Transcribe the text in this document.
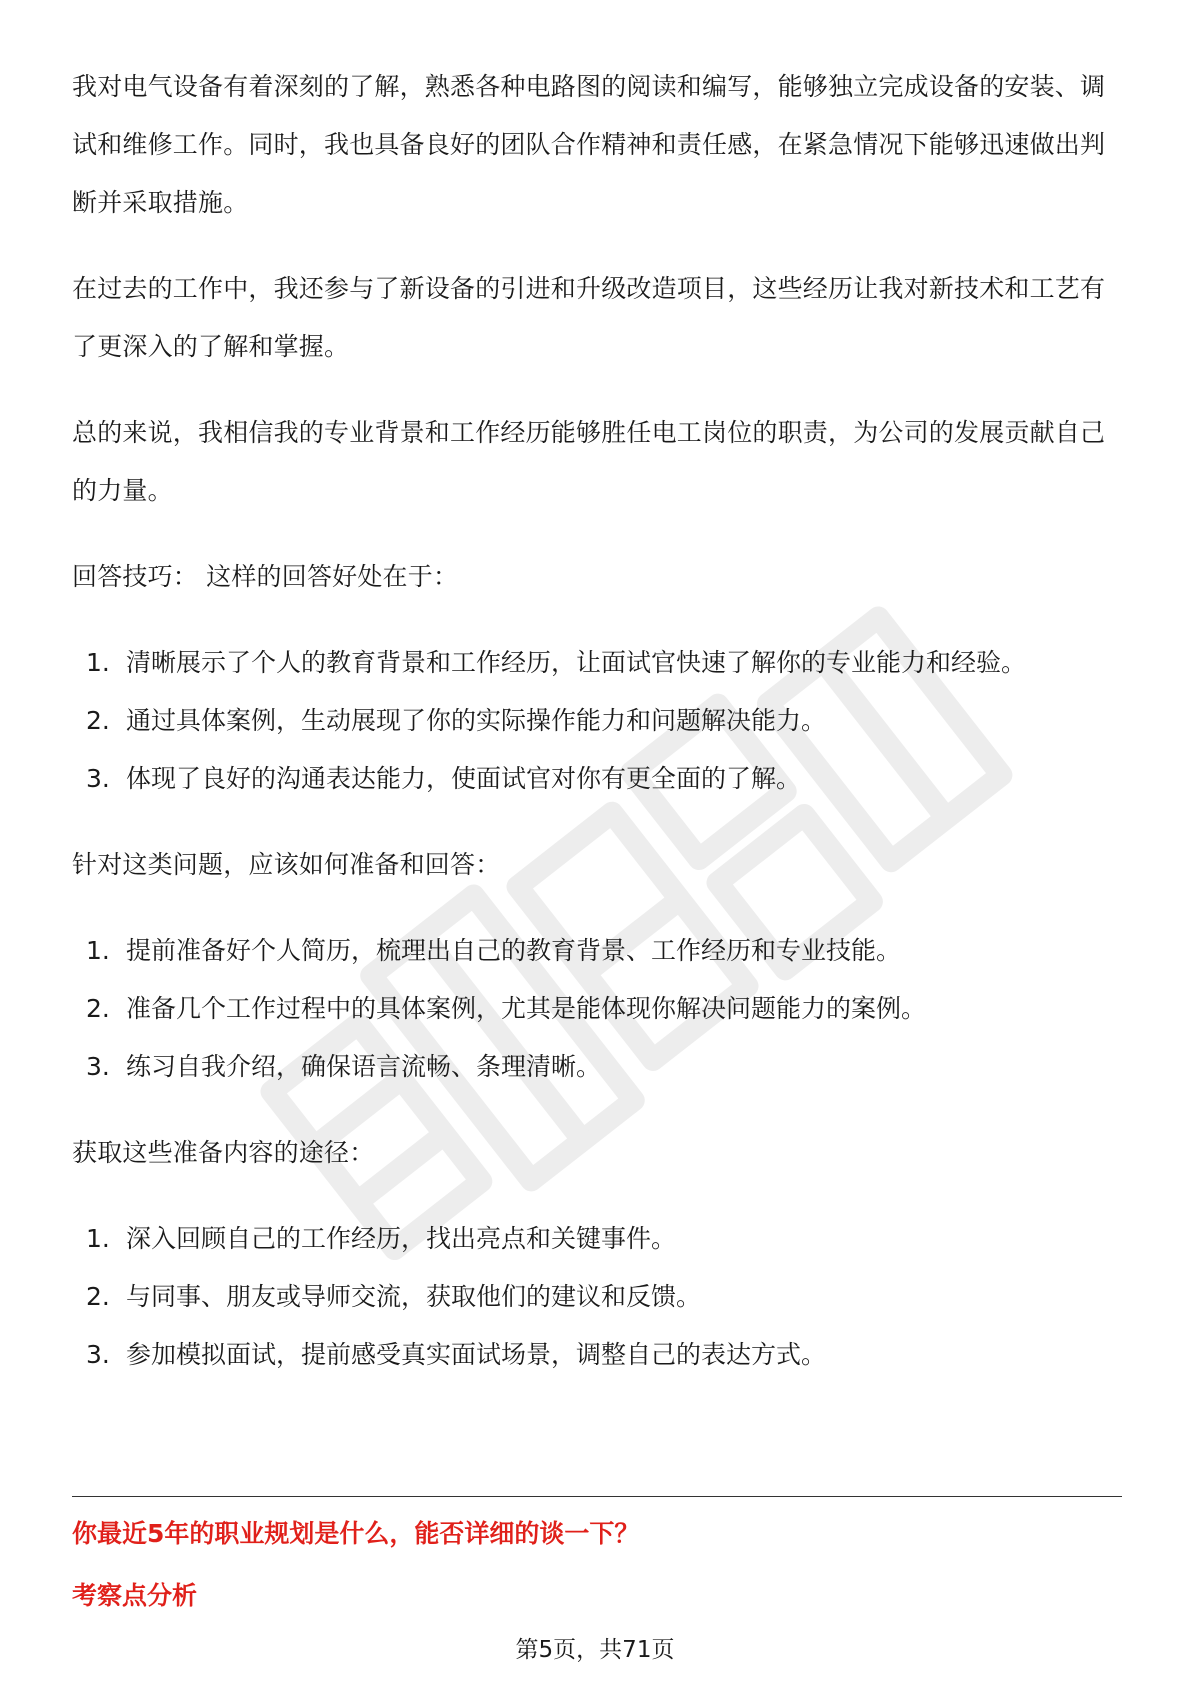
我对电气设备有着深刻的了解，熟悉各种电路图的阅读和编写，能够独立完成设备的安装、调试和维修工作。同时，我也具备良好的团队合作精神和责任感，在紧急情况下能够迅速做出判断并采取措施。

在过去的工作中，我还参与了新设备的引进和升级改造项目，这些经历让我对新技术和工艺有了更深入的了解和掌握。

总的来说，我相信我的专业背景和工作经历能够胜任电工岗位的职责，为公司的发展贡献自己的力量。

回答技巧： 这样的回答好处在于：

1. 清晰展示了个人的教育背景和工作经历，让面试官快速了解你的专业能力和经验。
2. 通过具体案例，生动展现了你的实际操作能力和问题解决能力。
3. 体现了良好的沟通表达能力，使面试官对你有更全面的了解。

针对这类问题，应该如何准备和回答：

1. 提前准备好个人简历，梳理出自己的教育背景、工作经历和专业技能。
2. 准备几个工作过程中的具体案例，尤其是能体现你解决问题能力的案例。
3. 练习自我介绍，确保语言流畅、条理清晰。

获取这些准备内容的途径：

1. 深入回顾自己的工作经历，找出亮点和关键事件。
2. 与同事、朋友或导师交流，获取他们的建议和反馈。
3. 参加模拟面试，提前感受真实面试场景，调整自己的表达方式。
你最近5年的职业规划是什么，能否详细的谈一下？
考察点分析
第5页，共71页
